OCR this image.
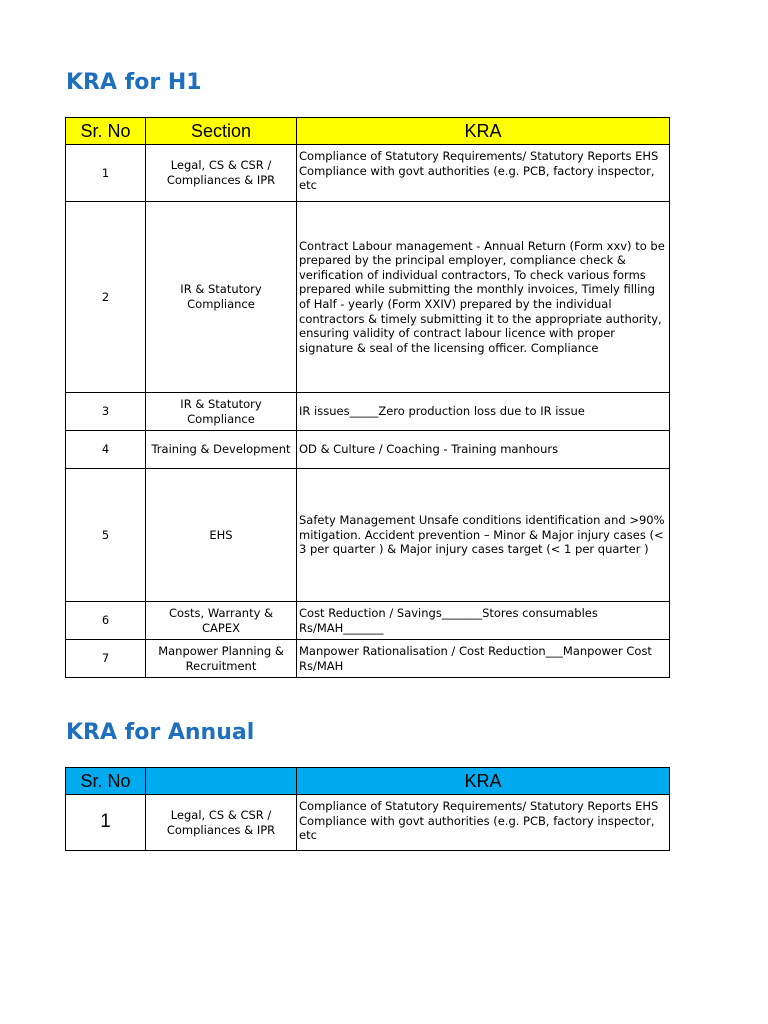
KRA for H1
Sr. No	Section	KRA
1	Legal, CS & CSR / Compliances & IPR	Compliance of Statutory Requirements/ Statutory Reports EHS Compliance with govt authorities (e.g. PCB, factory inspector, etc
2	IR & Statutory Compliance	Contract Labour management - Annual Return (Form xxv) to be prepared by the principal employer, compliance check & verification of individual contractors, To check various forms prepared while submitting the monthly invoices, Timely filling of Half - yearly (Form XXIV) prepared by the individual contractors & timely submitting it to the appropriate authority, ensuring validity of contract labour licence with proper signature & seal of the licensing officer. Compliance
3	IR & Statutory Compliance	IR issues_____Zero production loss due to IR issue
4	Training & Development	OD & Culture / Coaching - Training manhours
5	EHS	Safety Management Unsafe conditions identification and >90% mitigation. Accident prevention – Minor & Major injury cases (< 3 per quarter ) & Major injury cases target (< 1 per quarter )
6	Costs, Warranty & CAPEX	Cost Reduction / Savings_______Stores consumables Rs/MAH_______
7	Manpower Planning & Recruitment	Manpower Rationalisation / Cost Reduction___Manpower Cost Rs/MAH
KRA for Annual
Sr. No		KRA
1	Legal, CS & CSR / Compliances & IPR	Compliance of Statutory Requirements/ Statutory Reports EHS Compliance with govt authorities (e.g. PCB, factory inspector, etc
